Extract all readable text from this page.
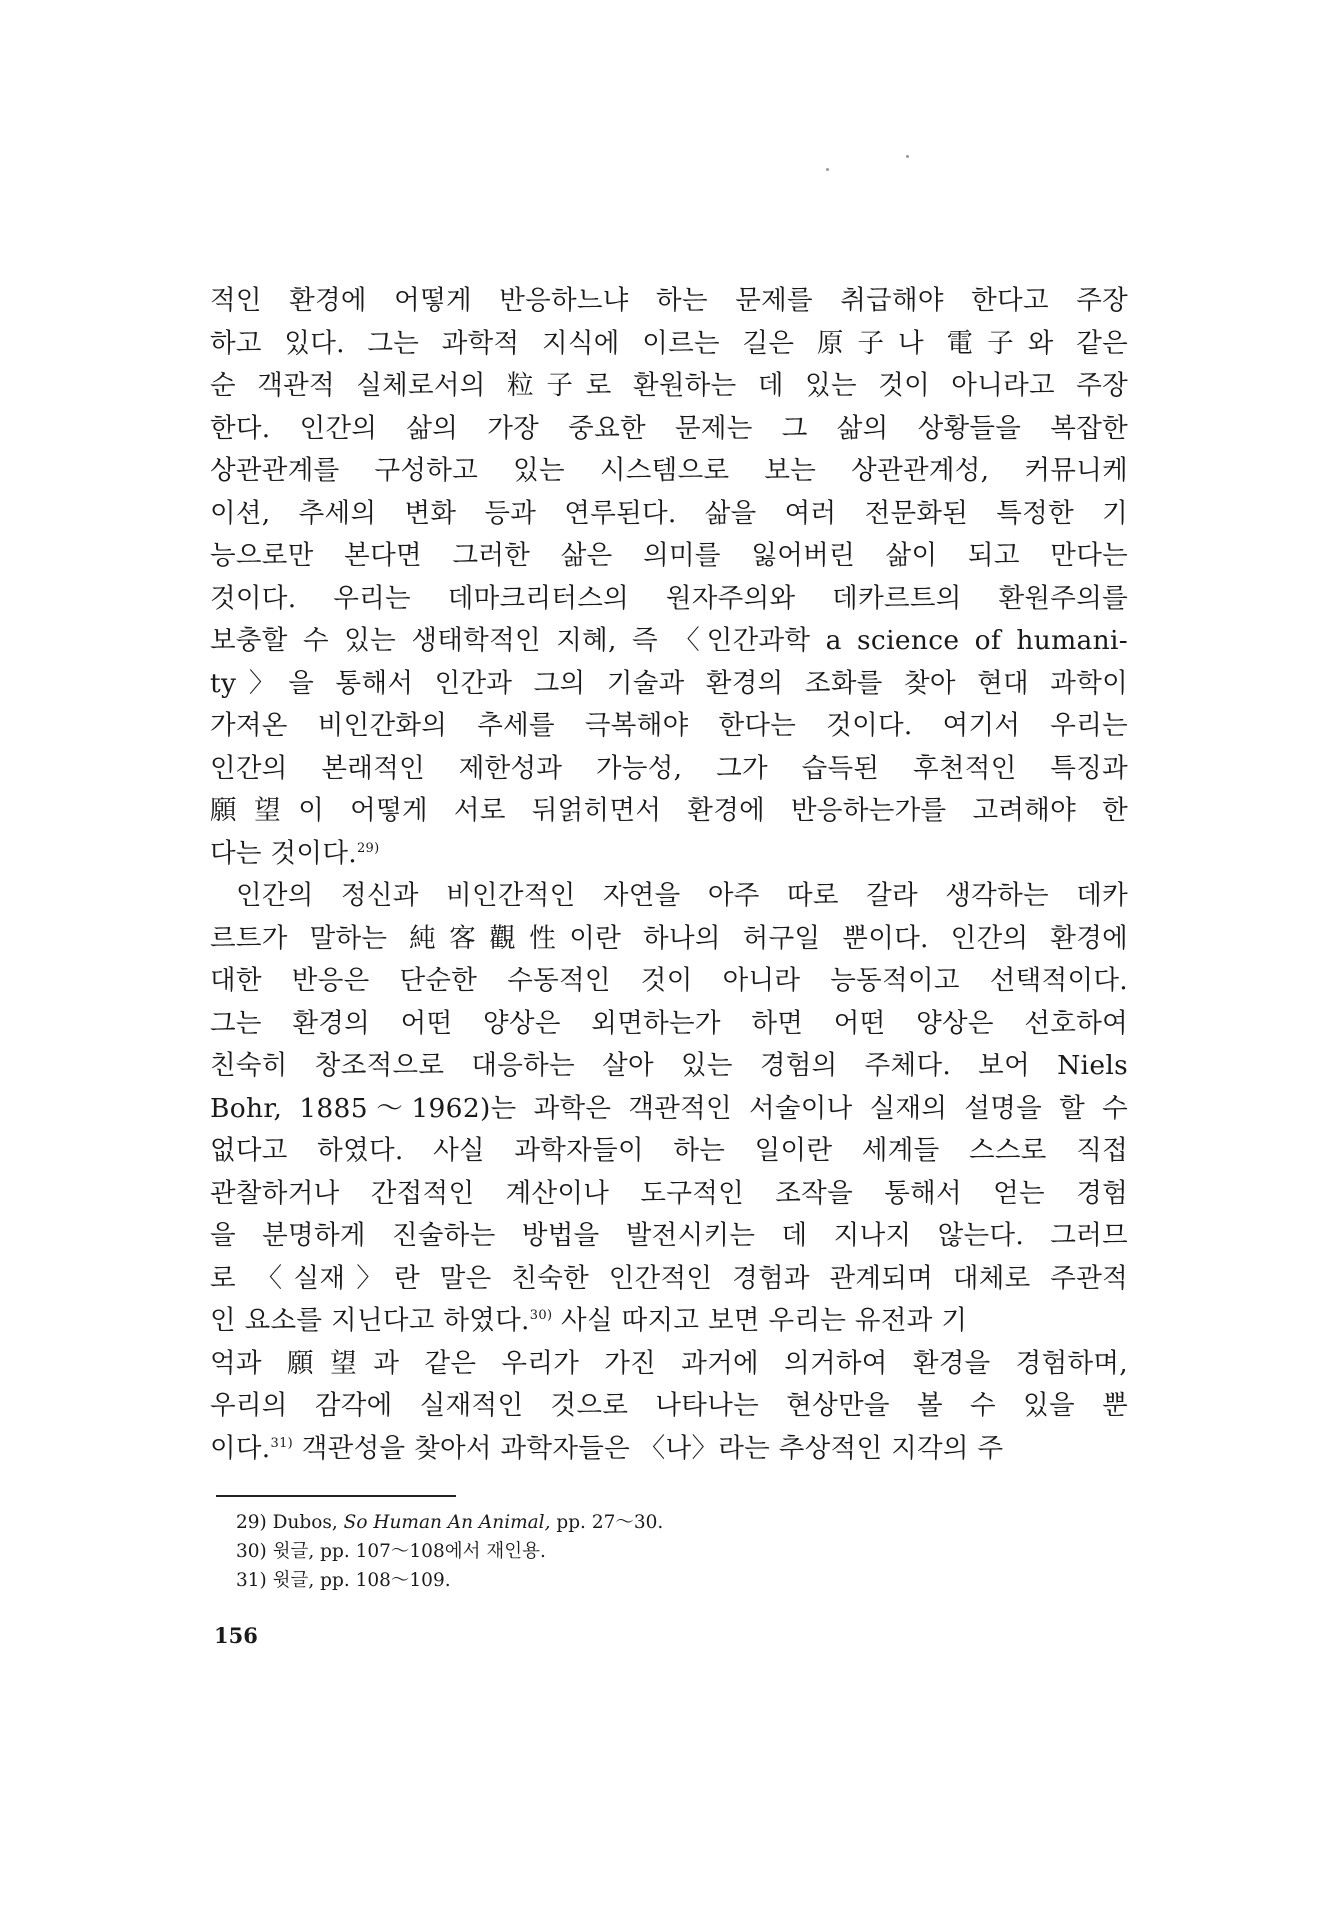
적인 환경에 어떻게 반응하느냐 하는 문제를 취급해야 한다고 주장
하고 있다. 그는 과학적 지식에 이르는 길은 原子나 電子와 같은
순 객관적 실체로서의 粒子로 환원하는 데 있는 것이 아니라고 주장
한다. 인간의 삶의 가장 중요한 문제는 그 삶의 상황들을 복잡한
상관관계를 구성하고 있는 시스템으로 보는 상관관계성, 커뮤니케
이션, 추세의 변화 등과 연루된다. 삶을 여러 전문화된 특정한 기
능으로만 본다면 그러한 삶은 의미를 잃어버린 삶이 되고 만다는
것이다. 우리는 데마크리터스의 원자주의와 데카르트의 환원주의를
보충할 수 있는 생태학적인 지혜, 즉 〈인간과학 a science of humani-
ty〉을 통해서 인간과 그의 기술과 환경의 조화를 찾아 현대 과학이
가져온 비인간화의 추세를 극복해야 한다는 것이다. 여기서 우리는
인간의 본래적인 제한성과 가능성, 그가 습득된 후천적인 특징과
願望이 어떻게 서로 뒤얽히면서 환경에 반응하는가를 고려해야 한
다는 것이다.$^{29)}$
인간의 정신과 비인간적인 자연을 아주 따로 갈라 생각하는 데카
르트가 말하는 純客觀性이란 하나의 허구일 뿐이다. 인간의 환경에
대한 반응은 단순한 수동적인 것이 아니라 능동적이고 선택적이다.
그는 환경의 어떤 양상은 외면하는가 하면 어떤 양상은 선호하여
친숙히 창조적으로 대응하는 살아 있는 경험의 주체다. 보어 Niels
Bohr, 1885～1962)는 과학은 객관적인 서술이나 실재의 설명을 할 수
없다고 하였다. 사실 과학자들이 하는 일이란 세계들 스스로 직접
관찰하거나 간접적인 계산이나 도구적인 조작을 통해서 얻는 경험
을 분명하게 진술하는 방법을 발전시키는 데 지나지 않는다. 그러므
로 〈실재〉란 말은 친숙한 인간적인 경험과 관계되며 대체로 주관적
인 요소를 지닌다고 하였다.$^{30)}$ 사실 따지고 보면 우리는 유전과 기
억과 願望과 같은 우리가 가진 과거에 의거하여 환경을 경험하며,
우리의 감각에 실재적인 것으로 나타나는 현상만을 볼 수 있을 뿐
이다.$^{31)}$ 객관성을 찾아서 과학자들은 〈나〉라는 추상적인 지각의 주
29) Dubos, So Human An Animal, pp. 27～30.
30) 윗글, pp. 107～108에서 재인용.
31) 윗글, pp. 108～109.
156
